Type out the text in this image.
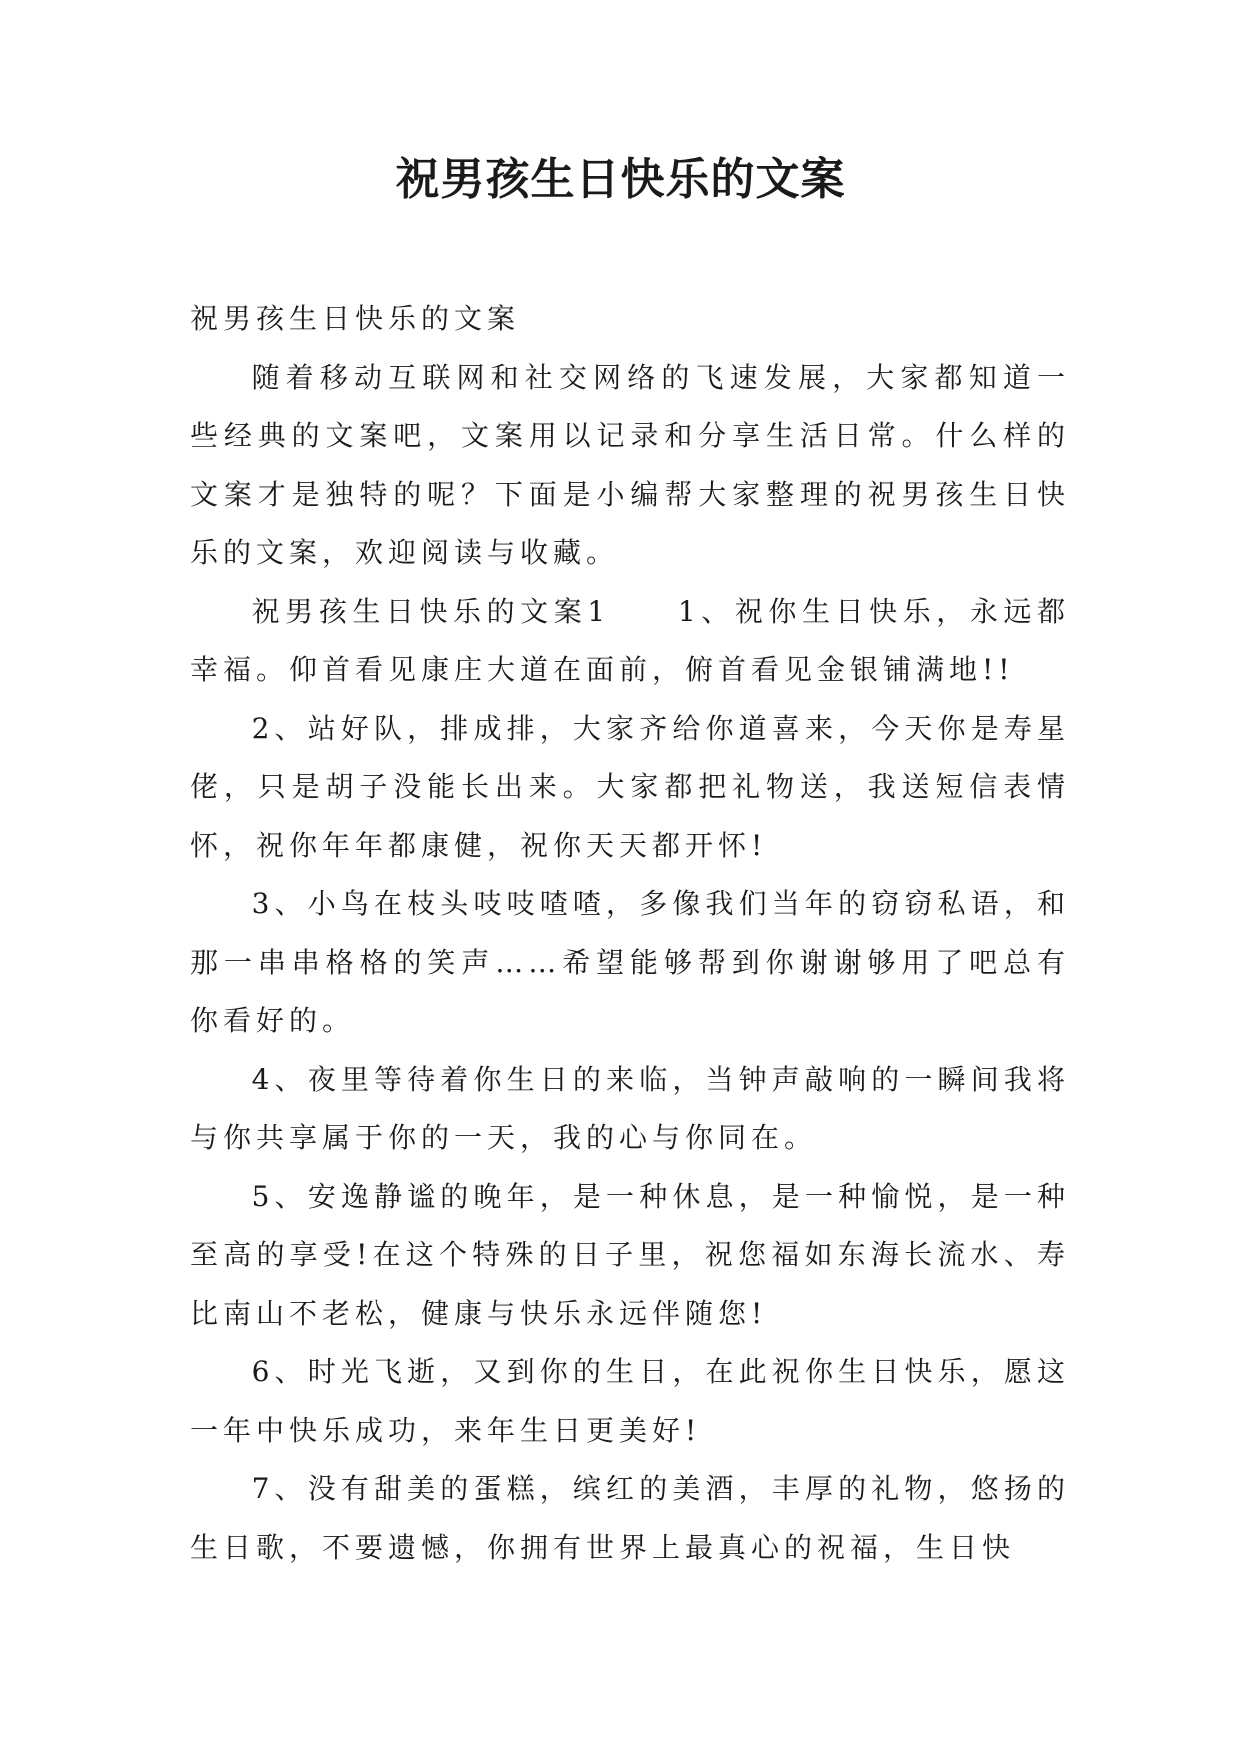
祝男孩生日快乐的文案

祝男孩生日快乐的文案

随着移动互联网和社交网络的飞速发展，大家都知道一些经典的文案吧，文案用以记录和分享生活日常。什么样的文案才是独特的呢？下面是小编帮大家整理的祝男孩生日快乐的文案，欢迎阅读与收藏。

祝男孩生日快乐的文案1　　1、祝你生日快乐，永远都幸福。仰首看见康庄大道在面前，俯首看见金银铺满地!!

2、站好队，排成排，大家齐给你道喜来，今天你是寿星佬，只是胡子没能长出来。大家都把礼物送，我送短信表情怀，祝你年年都康健，祝你天天都开怀!

3、小鸟在枝头吱吱喳喳，多像我们当年的窃窃私语，和那一串串格格的笑声……希望能够帮到你谢谢够用了吧总有你看好的。

4、夜里等待着你生日的来临，当钟声敲响的一瞬间我将与你共享属于你的一天，我的心与你同在。

5、安逸静谧的晚年，是一种休息，是一种愉悦，是一种至高的享受!在这个特殊的日子里，祝您福如东海长流水、寿比南山不老松，健康与快乐永远伴随您!

6、时光飞逝，又到你的生日，在此祝你生日快乐，愿这一年中快乐成功，来年生日更美好!

7、没有甜美的蛋糕，缤红的美酒，丰厚的礼物，悠扬的生日歌，不要遗憾，你拥有世界上最真心的祝福，生日快
